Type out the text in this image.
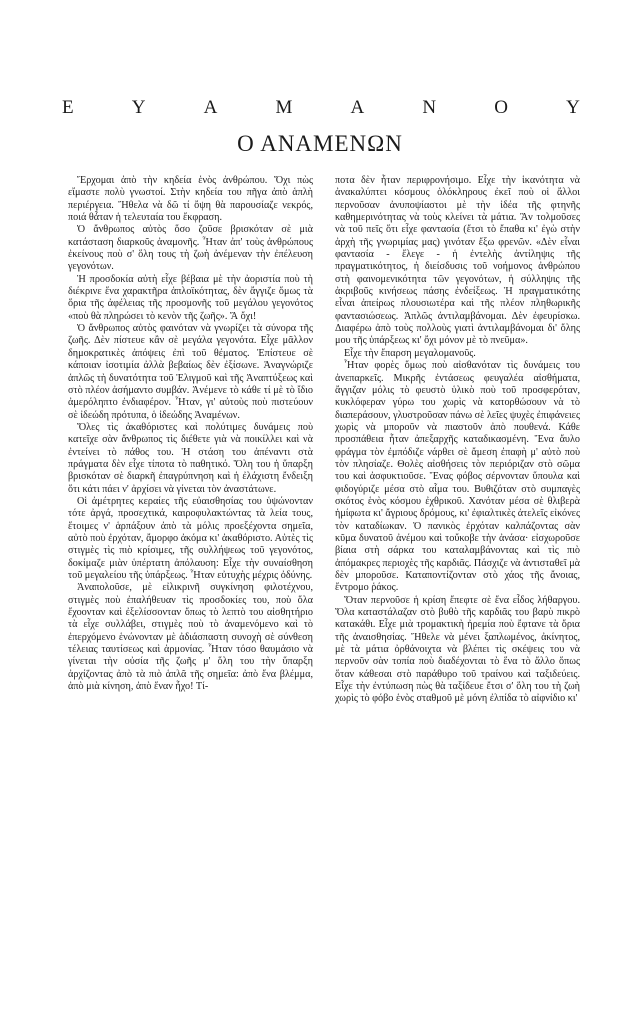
Ε	Υ	Α	Μ	Α	Ν	Ο	Υ
Ο ΑΝΑΜΕΝΩΝ

Ἔρχομαι ἀπὸ τὴν κηδεία ἑνὸς ἀνθρώπου. Ὄχι πὼς εἴμαστε πολὺ γνωστοί. Στὴν κηδεία του πῆγα ἀπὸ ἁπλὴ περιέργεια. Ἤθελα νὰ δῶ τί ὄψη θὰ παρουσίαζε νεκρός, ποιά θἆταν ἡ τελευταία του ἔκφραση.

Ὁ ἄνθρωπος αὐτὸς ὅσο ζοῦσε βρισκόταν σὲ μιὰ κατάσταση διαρκοῦς ἀναμονῆς. Ἦταν ἀπ' τοὺς ἀνθρώπους ἐκείνους ποὺ σ' ὅλη τους τὴ ζωὴ ἀνέμεναν τὴν ἐπέλευση γεγονότων.

Ἡ προσδοκία αὐτὴ εἶχε βέβαια μὲ τὴν ἀοριστία ποὺ τὴ διέκρινε ἕνα χαρακτῆρα ἁπλοϊκότητας, δὲν ἄγγιζε ὅμως τὰ ὅρια τῆς ἀφέλειας τῆς προσμονῆς τοῦ μεγάλου γεγονότος «ποὺ θὰ πληρώσει τὸ κενὸν τῆς ζωῆς». Ἄ ὄχι!

Ὁ ἄνθρωπος αὐτὸς φαινόταν νὰ γνωρίζει τὰ σύνορα τῆς ζωῆς. Δὲν πίστευε κἂν σὲ μεγάλα γεγονότα. Εἶχε μᾶλλον δημοκρατικὲς ἀπόψεις ἐπὶ τοῦ θέματος. Ἐπίστευε σὲ κάποιαν ἰσοτιμία ἀλλὰ βεβαίως δὲν ἐξίσωνε. Ἀναγνώριζε ἁπλῶς τὴ δυνατότητα τοῦ Ἐλιγμοῦ καὶ τῆς Ἀναπτύξεως καὶ στὸ πλέον ἀσήμαντο συμβάν. Ἀνέμενε τὸ κάθε τί μὲ τὸ ἴδιο ἀμερόληπτο ἐνδιαφέρον. Ἦταν, γι' αὐτοὺς ποὺ πιστεύουν σὲ ἰδεώδη πρότυπα, ὁ ἰδεώδης Ἀναμένων.

Ὅλες τὶς ἀκαθόριστες καὶ πολύτιμες δυνάμεις ποὺ κατεῖχε σὰν ἄνθρωπος τὶς διέθετε γιὰ νὰ ποικίλλει καὶ νὰ ἐντείνει τὸ πάθος του. Ἡ στάση του ἀπέναντι στὰ πράγματα δὲν εἶχε τίποτα τὸ παθητικό. Ὅλη του ἡ ὕπαρξη βρισκόταν σὲ διαρκῆ ἐπαγρύπνηση καὶ ἡ ἐλάχιστη ἔνδειξη ὅτι κάτι πάει ν' ἀρχίσει νὰ γίνεται τὸν ἀναστάτωνε.

Οἱ ἀμέτρητες κεραίες τῆς εὐαισθησίας του ὑψώνονταν τότε ἀργά, προσεχτικά, καιροφυλακτώντας τὰ λεία τους, ἕτοιμες ν' ἁρπάξουν ἀπὸ τὰ μόλις προεξέχοντα σημεῖα, αὐτὸ ποὺ ἐρχόταν, ἄμορφο ἀκόμα κι' ἀκαθόριστο. Αὐτὲς τὶς στιγμὲς τὶς πιὸ κρίσιμες, τῆς συλλήψεως τοῦ γεγονότος, δοκίμαζε μιὰν ὑπέρτατη ἀπόλαυση: Εἶχε τὴν συναίσθηση τοῦ μεγαλείου τῆς ὑπάρξεως. Ἦταν εὐτυχὴς μέχρις ὀδύνης.

Ἀναπολοῦσε, μὲ εἰλικρινῆ συγκίνηση φιλοτέχνου, στιγμὲς ποὺ ἐπαλήθευαν τὶς προσδοκίες του, ποὺ ὅλα ἔχοονταν καὶ ἐξελίσσονταν ὅπως τὸ λεπτὸ του αἰσθητήριο τὰ εἶχε συλλάβει, στιγμὲς ποὺ τὸ ἀναμενόμενο καὶ τὸ ἐπερχόμενο ἑνώνονταν μὲ ἀδιάσπαστη συνοχὴ σὲ σύνθεση τέλειας ταυτίσεως καὶ ἁρμονίας. Ἦταν τόσο θαυμάσιο νὰ γίνεται τὴν οὐσία τῆς ζωῆς μ' ὅλη του τὴν ὕπαρξη ἀρχίζοντας ἀπὸ τὰ πιὸ ἁπλᾶ τῆς σημεῖα: ἀπὸ ἕνα βλέμμα, ἀπὸ μιὰ κίνηση, ἀπὸ ἕναν ἦχο! Τί-

ποτα δὲν ἦταν περιφρονήσιμο. Εἶχε τὴν ἱκανότητα νὰ ἀνακαλύπτει κόσμους ὁλόκληρους ἐκεῖ ποὺ οἱ ἄλλοι περνοῦσαν ἀνυποψίαστοι μὲ τὴν ἰδέα τῆς φτηνῆς καθημερινότητας νὰ τοὺς κλείνει τὰ μάτια. Ἂν τολμοῦσες νὰ τοῦ πεῖς ὅτι εἶχε φαντασία (ἔτσι τὸ ἔπαθα κι' ἐγὼ στὴν ἀρχὴ τῆς γνωριμίας μας) γινόταν ἔξω φρενῶν. «Δὲν εἶναι φαντασία - ἔλεγε - ἡ ἐντελὴς ἀντίληψις τῆς πραγματικότητος, ἡ διείσδυσις τοῦ νοήμονος ἀνθρώπου στὴ φαινομενικότητα τῶν γεγονότων, ἡ σύλληψις τῆς ἀκριβοῦς κινήσεως πάσης ἐνδείξεως. Ἡ πραγματικότης εἶναι ἀπείρως πλουσιωτέρα καὶ τῆς πλέον πληθωρικῆς φαντασιώσεως. Ἀπλῶς ἀντιλαμβάνομαι. Δὲν ἐφευρίσκω. Διαφέρω ἀπὸ τοὺς πολλοὺς γιατὶ ἀντιλαμβάνομαι δι' ὅλης μου τῆς ὑπάρξεως κι' ὄχι μόνον μὲ τὸ πνεῦμα».

Εἶχε τὴν ἔπαρση μεγαλομανοῦς.

Ἦταν φορὲς ὅμως ποὺ αἰσθανόταν τὶς δυνάμεις του ἀνεπαρκεῖς. Μικρῆς ἐντάσεως φευγαλέα αἰσθήματα, ἄγγιζαν μόλις τὸ φευστὸ ὑλικὸ ποὺ τοῦ προσφερόταν, κυκλόφεραν γύρω του χωρὶς νὰ κατορθώσουν νὰ τὸ διαπεράσουν, γλυστροῦσαν πάνω σὲ λεῖες ψυχὲς ἐπιφάνειες χωρὶς νὰ μποροῦν νὰ πιαστοῦν ἀπὸ πουθενά. Κάθε προσπάθεια ἦταν ἀπεξαρχῆς καταδικασμένη. Ἕνα ἄυλο φράγμα τὸν ἐμπόδιζε νάρθει σὲ ἄμεση ἐπαφὴ μ' αὐτὸ ποὺ τὸν πλησίαζε. Θολὲς αἰσθήσεις τὸν περιόριζαν στὸ σῶμα του καὶ ἀσφυκτιοῦσε. Ἕνας φόβος σέρνονταν ὕπουλα καὶ φιδογύριζε μέσα στὸ αἷμα του. Βυθιζόταν στὸ συμπαγὲς σκότος ἑνὸς κόσμου ἐχθρικοῦ. Χανόταν μέσα σὲ θλιβερὰ ἡμίφωτα κι' ἄγριους δρόμους, κι' ἐφιαλτικὲς ἀτελεῖς εἰκόνες τὸν καταδίωκαν. Ὁ πανικὸς ἐρχόταν καλπάζοντας σὰν κῦμα δυνατοῦ ἀνέμου καὶ τοὔκοβε τὴν ἀνάσα· εἰσχωροῦσε βίαια στὴ σάρκα του καταλαμβάνοντας καὶ τὶς πιὸ ἀπόμακρες περιοχὲς τῆς καρδιᾶς. Πάσχιζε νὰ ἀντισταθεῖ μὰ δὲν μποροῦσε. Καταποντίζονταν στὸ χάος τῆς ἄνοιας, ἔντρομο ῥάκος.

Ὅταν περνοῦσε ἡ κρίση ἔπεφτε σὲ ἕνα εἶδος λήθαργου. Ὅλα καταστάλαζαν στὸ βυθὸ τῆς καρδιᾶς του βαρὺ πικρὸ κατακάθι. Εἶχε μιὰ τρομακτικὴ ἠρεμία ποὺ ἔφτανε τὰ ὅρια τῆς ἀναισθησίας. Ἤθελε νὰ μένει ξαπλωμένος, ἀκίνητος, μὲ τὰ μάτια ὀρθάνοιχτα νὰ βλέπει τὶς σκέψεις του νὰ περνοῦν σὰν τοπία ποὺ διαδέχονται τὸ ἕνα τὸ ἄλλο ὅπως ὅταν κάθεσαι στὸ παράθυρο τοῦ τραίνου καὶ ταξιδεύεις. Εἶχε τὴν ἐντύπωση πὼς θὰ ταξίδευε ἔτσι σ' ὅλη του τὴ ζωὴ χωρὶς τὸ φόβο ἑνὸς σταθμοῦ μὲ μόνη ἐλπίδα τὸ αἰφνίδιο κι'
